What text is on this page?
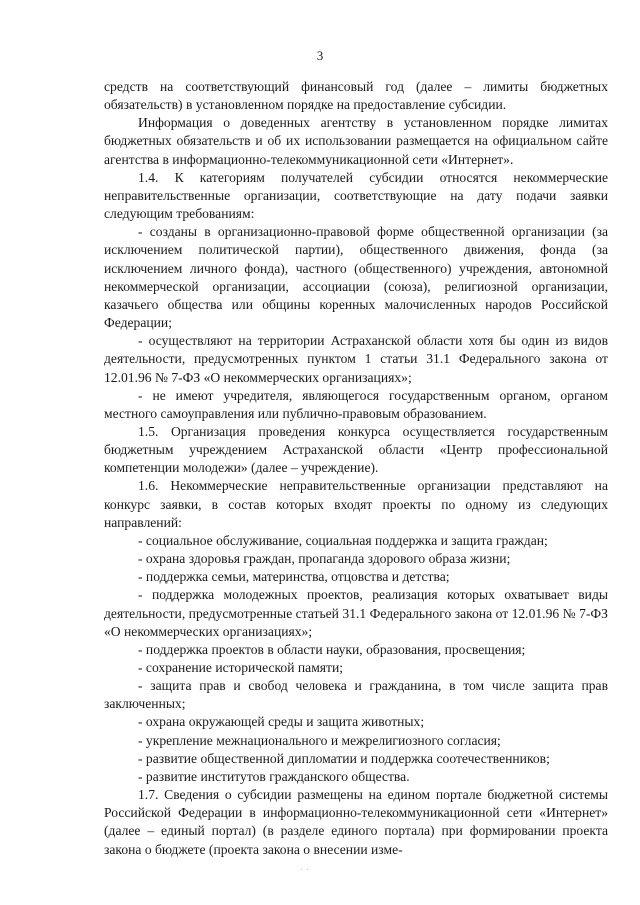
3

средств на соответствующий финансовый год (далее – лимиты бюджетных обязательств) в установленном порядке на предоставление субсидии.

Информация о доведенных агентству в установленном порядке лимитах бюджетных обязательств и об их использовании размещается на официальном сайте агентства в информационно-телекоммуникационной сети «Интернет».

1.4. К категориям получателей субсидии относятся некоммерческие неправительственные организации, соответствующие на дату подачи заявки следующим требованиям:

- созданы в организационно-правовой форме общественной организации (за исключением политической партии), общественного движения, фонда (за исключением личного фонда), частного (общественного) учреждения, автономной некоммерческой организации, ассоциации (союза), религиозной организации, казачьего общества или общины коренных малочисленных народов Российской Федерации;

- осуществляют на территории Астраханской области хотя бы один из видов деятельности, предусмотренных пунктом 1 статьи 31.1 Федерального закона от 12.01.96 № 7-ФЗ «О некоммерческих организациях»;

- не имеют учредителя, являющегося государственным органом, органом местного самоуправления или публично-правовым образованием.

1.5. Организация проведения конкурса осуществляется государственным бюджетным учреждением Астраханской области «Центр профессиональной компетенции молодежи» (далее – учреждение).

1.6. Некоммерческие неправительственные организации представляют на конкурс заявки, в состав которых входят проекты по одному из следующих направлений:

- социальное обслуживание, социальная поддержка и защита граждан;

- охрана здоровья граждан, пропаганда здорового образа жизни;

- поддержка семьи, материнства, отцовства и детства;

- поддержка молодежных проектов, реализация которых охватывает виды деятельности, предусмотренные статьей 31.1 Федерального закона от 12.01.96 № 7-ФЗ «О некоммерческих организациях»;

- поддержка проектов в области науки, образования, просвещения;

- сохранение исторической памяти;

- защита прав и свобод человека и гражданина, в том числе защита прав заключенных;

- охрана окружающей среды и защита животных;

- укрепление межнационального и межрелигиозного согласия;

- развитие общественной дипломатии и поддержка соотечественников;

- развитие институтов гражданского общества.

1.7. Сведения о субсидии размещены на едином портале бюджетной системы Российской Федерации в информационно-телекоммуникационной сети «Интернет» (далее – единый портал) (в разделе единого портала) при формировании проекта закона о бюджете (проекта закона о внесении изме-

· ·
